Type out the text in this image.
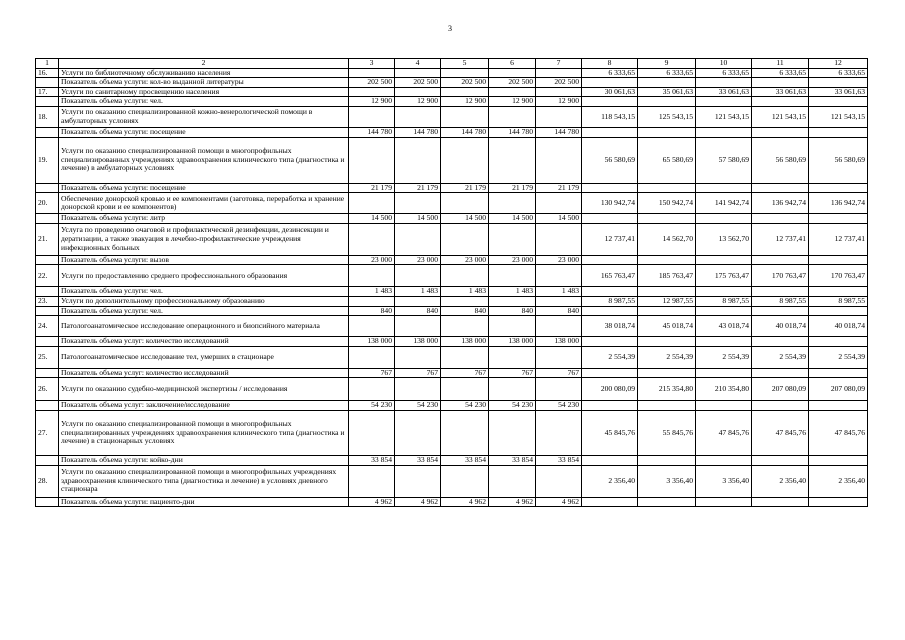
3
1	2	3	4	5	6	7	8	9	10	11	12
16.	Услуги по библиотечному обслуживанию населения						6 333,65	6 333,65	6 333,65	6 333,65	6 333,65
	Показатель объема услуги: кол-во выданной литературы	202 500	202 500	202 500	202 500	202 500					
17.	Услуги по санитарному просвещению населения						30 061,63	35 061,63	33 061,63	33 061,63	33 061,63
	Показатель объема услуги: чел.	12 900	12 900	12 900	12 900	12 900					
18.	Услуги по оказанию специализированной кожно-венерологической помощи в амбулаторных условиях						118 543,15	125 543,15	121 543,15	121 543,15	121 543,15
	Показатель объема услуги: посещение	144 780	144 780	144 780	144 780	144 780					
19.	Услуги по оказанию специализированной помощи в многопрофильных специализированных учреждениях здравоохранения клинического типа (диагностика и лечение) в амбулаторных условиях						56 580,69	65 580,69	57 580,69	56 580,69	56 580,69
	Показатель объема услуги: посещение	21 179	21 179	21 179	21 179	21 179					
20.	Обеспечение донорской кровью и ее компонентами (заготовка, переработка и хранение донорской крови и ее компонентов)						130 942,74	150 942,74	141 942,74	136 942,74	136 942,74
	Показатель объема услуги: литр	14 500	14 500	14 500	14 500	14 500					
21.	Услуга по проведению очаговой и профилактической дезинфекции, дезинсекции и дератизации, а также эвакуация в лечебно-профилактические учреждения инфекционных больных						12 737,41	14 562,70	13 562,70	12 737,41	12 737,41
	Показатель объема услуги: вызов	23 000	23 000	23 000	23 000	23 000					
22.	Услуги по предоставлению среднего профессионального образования						165 763,47	185 763,47	175 763,47	170 763,47	170 763,47
	Показатель объема услуги: чел.	1 483	1 483	1 483	1 483	1 483					
23.	Услуги по дополнительному профессиональному образованию						8 987,55	12 987,55	8 987,55	8 987,55	8 987,55
	Показатель объема услуги: чел.	840	840	840	840	840					
24.	Патологоанатомическое исследование операционного и биопсийного материала						38 018,74	45 018,74	43 018,74	40 018,74	40 018,74
	Показатель объема услуг: количество исследований	138 000	138 000	138 000	138 000	138 000					
25.	Патологоанатомическое исследование тел, умерших в стационаре						2 554,39	2 554,39	2 554,39	2 554,39	2 554,39
	Показатель объема услуг: количество исследований	767	767	767	767	767					
26.	Услуги по оказанию судебно-медицинской экспертизы / исследования						200 080,09	215 354,80	210 354,80	207 080,09	207 080,09
	Показатель объема услуг: заключение/исследование	54 230	54 230	54 230	54 230	54 230					
27.	Услуги по оказанию специализированной помощи в многопрофильных специализированных учреждениях здравоохранения клинического типа (диагностика и лечение) в стационарных условиях						45 845,76	55 845,76	47 845,76	47 845,76	47 845,76
	Показатель объема услуги: койко-дни	33 854	33 854	33 854	33 854	33 854					
28.	Услуги по оказанию специализированной помощи в многопрофильных учреждениях здравоохранения клинического типа (диагностика и лечение) в условиях дневного стационара						2 356,40	3 356,40	3 356,40	2 356,40	2 356,40
	Показатель объема услуги: пациенто-дни	4 962	4 962	4 962	4 962	4 962					
